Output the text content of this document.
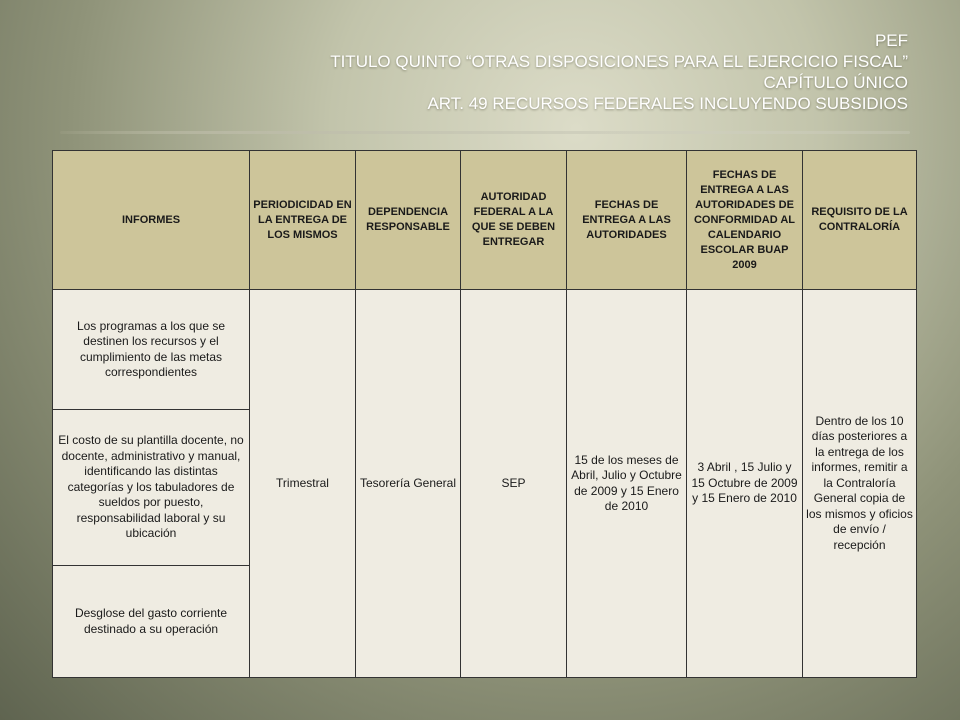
PEF
TITULO QUINTO “OTRAS DISPOSICIONES PARA EL EJERCICIO FISCAL”
CAPÍTULO ÚNICO
ART. 49 RECURSOS FEDERALES INCLUYENDO SUBSIDIOS
INFORMES	PERIODICIDAD EN LA ENTREGA DE LOS MISMOS	DEPENDENCIA RESPONSABLE	AUTORIDAD FEDERAL A LA QUE SE DEBEN ENTREGAR	FECHAS DE ENTREGA A LAS AUTORIDADES	FECHAS DE ENTREGA A LAS AUTORIDADES DE CONFORMIDAD AL CALENDARIO ESCOLAR BUAP 2009	REQUISITO DE LA CONTRALORÍA
Los programas a los que se destinen los recursos y el cumplimiento de las metas correspondientes	Trimestral	Tesorería General	SEP	15 de los meses de Abril, Julio y Octubre de 2009 y 15 Enero de 2010	3 Abril , 15 Julio y 15 Octubre de 2009 y 15 Enero de 2010	Dentro de los 10 días posteriores a la entrega de los informes, remitir a la Contraloría General copia de los mismos y oficios de envío / recepción
El costo de su plantilla docente, no docente, administrativo y manual, identificando las distintas categorías y los tabuladores de sueldos por puesto, responsabilidad laboral y su ubicación						
Desglose del gasto corriente destinado a su operación						
